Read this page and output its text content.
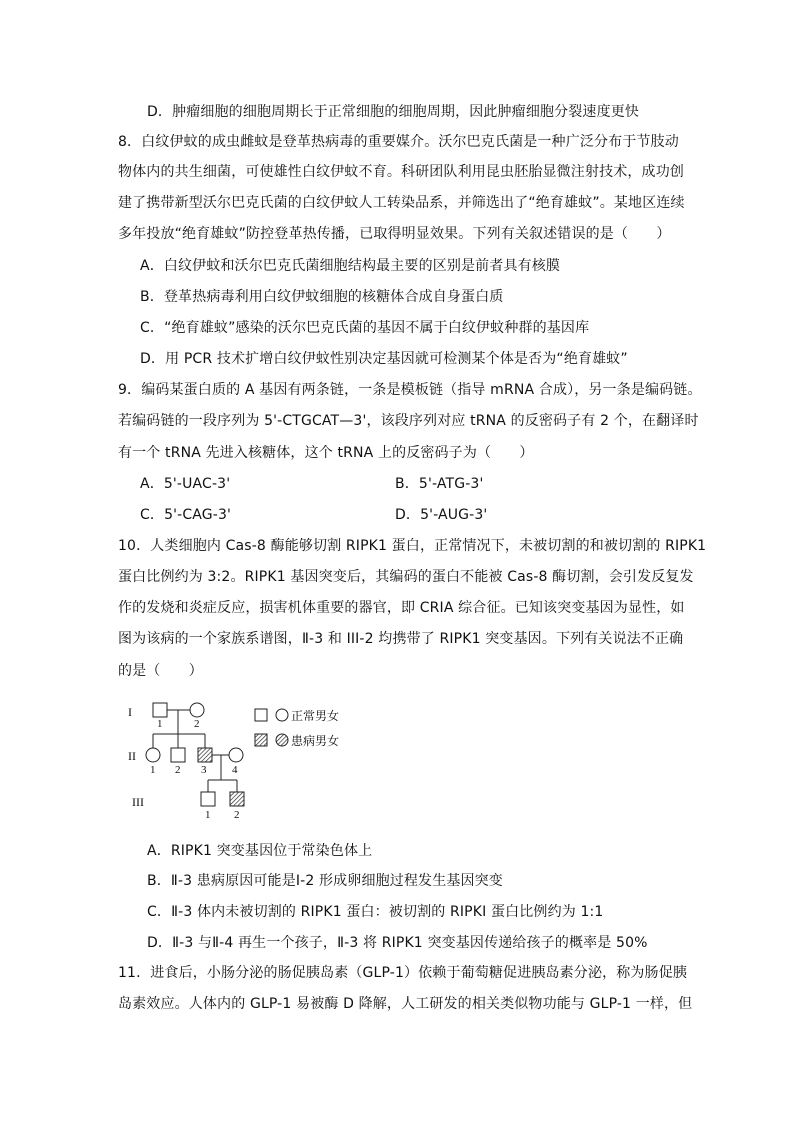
D．肿瘤细胞的细胞周期长于正常细胞的细胞周期，因此肿瘤细胞分裂速度更快
8．白纹伊蚊的成虫雌蚊是登革热病毒的重要媒介。沃尔巴克氏菌是一种广泛分布于节肢动
物体内的共生细菌，可使雄性白纹伊蚊不育。科研团队利用昆虫胚胎显微注射技术，成功创
建了携带新型沃尔巴克氏菌的白纹伊蚊人工转染品系，并筛选出了“绝育雄蚊”。某地区连续
多年投放“绝育雄蚊”防控登革热传播，已取得明显效果。下列有关叙述错误的是（　　）
A．白纹伊蚊和沃尔巴克氏菌细胞结构最主要的区别是前者具有核膜
B．登革热病毒利用白纹伊蚊细胞的核糖体合成自身蛋白质
C．“绝育雄蚊”感染的沃尔巴克氏菌的基因不属于白纹伊蚊种群的基因库
D．用 PCR 技术扩增白纹伊蚊性别决定基因就可检测某个体是否为“绝育雄蚊”
9．编码某蛋白质的 A 基因有两条链，一条是模板链（指导 mRNA 合成），另一条是编码链。
若编码链的一段序列为 5'-CTGCAT—3'，该段序列对应 tRNA 的反密码子有 2 个，在翻译时
有一个 tRNA 先进入核糖体，这个 tRNA 上的反密码子为（　　）
A．5'-UAC-3'	B．5'-ATG-3'
C．5'-CAG-3'	D．5'-AUG-3'
10．人类细胞内 Cas-8 酶能够切割 RIPK1 蛋白，正常情况下，未被切割的和被切割的 RIPK1
蛋白比例约为 3:2。RIPK1 基因突变后，其编码的蛋白不能被 Cas-8 酶切割，会引发反复发
作的发烧和炎症反应，损害机体重要的器官，即 CRIA 综合征。已知该突变基因为显性，如
图为该病的一个家族系谱图，Ⅱ-3 和 III-2 均携带了 RIPK1 突变基因。下列有关说法不正确
的是（　　）
I
II
III
1	2
1 2 3 4
1 2
正常男女
患病男女
A．RIPK1 突变基因位于常染色体上
B．Ⅱ-3 患病原因可能是Ⅰ-2 形成卵细胞过程发生基因突变
C．Ⅱ-3 体内未被切割的 RIPK1 蛋白：被切割的 RIPKI 蛋白比例约为 1:1
D．Ⅱ-3 与Ⅱ-4 再生一个孩子，Ⅱ-3 将 RIPK1 突变基因传递给孩子的概率是 50%
11．进食后，小肠分泌的肠促胰岛素（GLP-1）依赖于葡萄糖促进胰岛素分泌，称为肠促胰
岛素效应。人体内的 GLP-1 易被酶 D 降解，人工研发的相关类似物功能与 GLP-1 一样，但
